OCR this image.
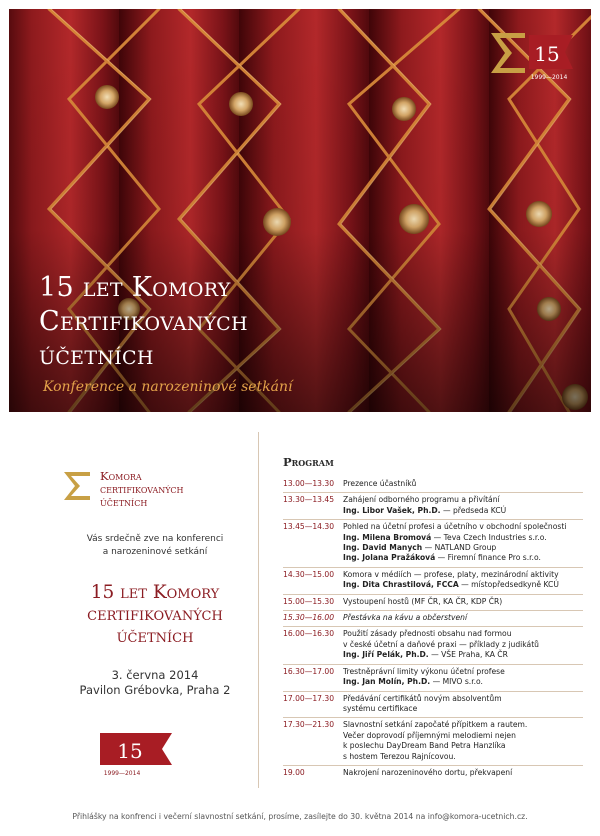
15 let Komory
Certifikovaných
účetních

Konference a narozeninové setkání

15
1999—2014
Komora
certifikovaných
účetních
Vás srdečně zve na konferenci
a narozeninové setkání
15 let Komory
certifikovaných
účetních
3. června 2014
Pavilon Grébovka, Praha 2
15
1999—2014
Program
13.00—13.30	Prezence účastníků
13.30—13.45	Zahájení odborného programu a přivítání
Ing. Libor Vašek, Ph.D. — předseda KCÚ
13.45—14.30	Pohled na účetní profesi a účetního v obchodní společnosti
Ing. Milena Bromová — Teva Czech Industries s.r.o.
Ing. David Manych — NATLAND Group
Ing. Jolana Pražáková — Firemní finance Pro s.r.o.
14.30—15.00	Komora v médiích — profese, platy, mezinárodní aktivity
Ing. Dita Chrastilová, FCCA — místopředsedkyně KCÚ
15.00—15.30	Vystoupení hostů (MF ČR, KA ČR, KDP ČR)
15.30—16.00	Přestávka na kávu a občerstvení
16.00—16.30	Použití zásady přednosti obsahu nad formou
v české účetní a daňové praxi — příklady z judikátů
Ing. Jiří Pelák, Ph.D. — VŠE Praha, KA ČR
16.30—17.00	Trestněprávní limity výkonu účetní profese
Ing. Jan Molín, Ph.D. — MIVO s.r.o.
17.00—17.30	Předávání certifikátů novým absolventům
systému certifikace
17.30—21.30	Slavnostní setkání započaté přípitkem a rautem.
Večer doprovodí příjemnými melodiemi nejen
k poslechu DayDream Band Petra Hanzlíka
s hostem Terezou Rajnícovou.
19.00	Nakrojení narozeninového dortu, překvapení
Přihlášky na konfrenci i večerní slavnostní setkání, prosíme, zasílejte do 30. května 2014 na info@komora-ucetnich.cz.
